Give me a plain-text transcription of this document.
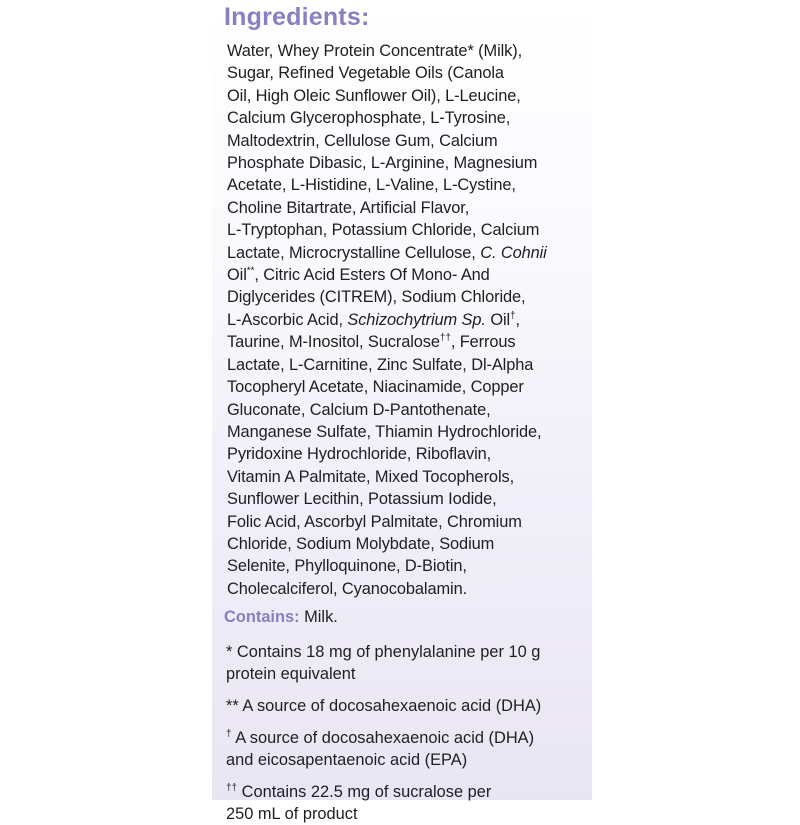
Ingredients:
Water, Whey Protein Concentrate* (Milk),
Sugar, Refined Vegetable Oils (Canola
Oil, High Oleic Sunflower Oil), L-Leucine,
Calcium Glycerophosphate, L-Tyrosine,
Maltodextrin, Cellulose Gum, Calcium
Phosphate Dibasic, L-Arginine, Magnesium
Acetate, L-Histidine, L-Valine, L-Cystine,
Choline Bitartrate, Artificial Flavor,
L-Tryptophan, Potassium Chloride, Calcium
Lactate, Microcrystalline Cellulose, C. Cohnii
Oil**, Citric Acid Esters Of Mono- And
Diglycerides (CITREM), Sodium Chloride,
L-Ascorbic Acid, Schizochytrium Sp. Oil†,
Taurine, M-Inositol, Sucralose††, Ferrous
Lactate, L-Carnitine, Zinc Sulfate, Dl-Alpha
Tocopheryl Acetate, Niacinamide, Copper
Gluconate, Calcium D-Pantothenate,
Manganese Sulfate, Thiamin Hydrochloride,
Pyridoxine Hydrochloride, Riboflavin,
Vitamin A Palmitate, Mixed Tocopherols,
Sunflower Lecithin, Potassium Iodide,
Folic Acid, Ascorbyl Palmitate, Chromium
Chloride, Sodium Molybdate, Sodium
Selenite, Phylloquinone, D-Biotin,
Cholecalciferol, Cyanocobalamin.

Contains: Milk.

* Contains 18 mg of phenylalanine per 10 g
protein equivalent

** A source of docosahexaenoic acid (DHA)

† A source of docosahexaenoic acid (DHA)
and eicosapentaenoic acid (EPA)

†† Contains 22.5 mg of sucralose per
250 mL of product
